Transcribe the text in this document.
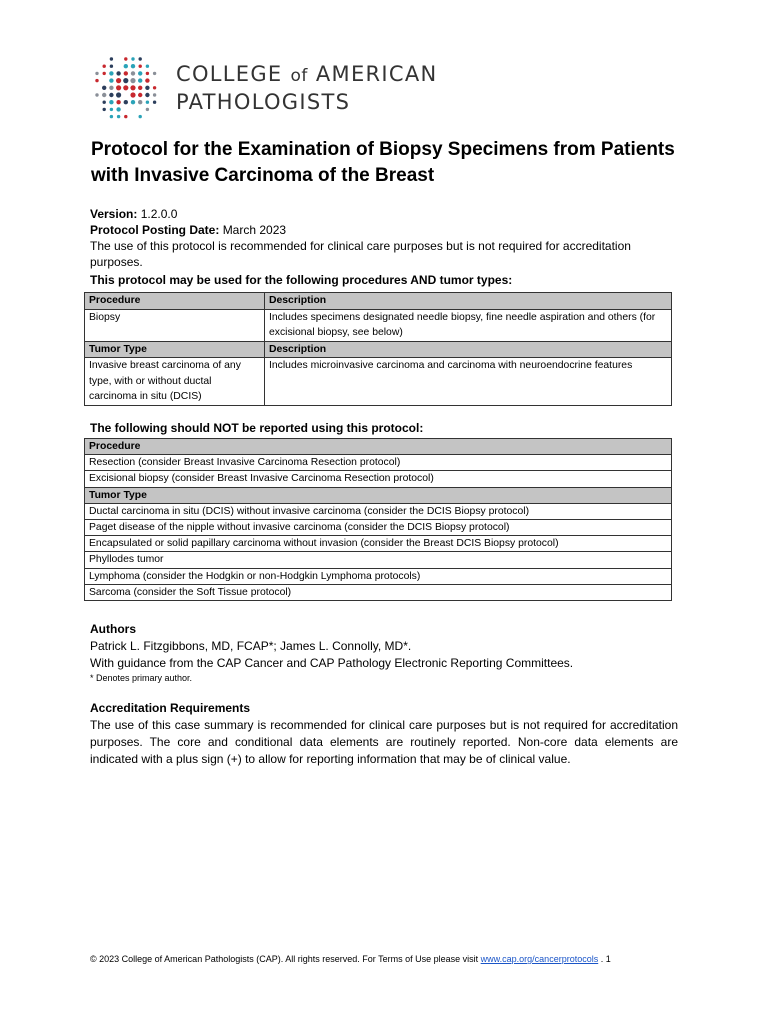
COLLEGE of AMERICAN
PATHOLOGISTS
Protocol for the Examination of Biopsy Specimens from Patients with Invasive Carcinoma of the Breast

Version: 1.2.0.0

Protocol Posting Date: March 2023

The use of this protocol is recommended for clinical care purposes but is not required for accreditation purposes.

This protocol may be used for the following procedures AND tumor types:

Procedure	Description
Biopsy	Includes specimens designated needle biopsy, fine needle aspiration and others (for excisional biopsy, see below)
Tumor Type	Description
Invasive breast carcinoma of any type, with or without ductal carcinoma in situ (DCIS)	Includes microinvasive carcinoma and carcinoma with neuroendocrine features
The following should NOT be reported using this protocol:
Procedure
Resection (consider Breast Invasive Carcinoma Resection protocol)
Excisional biopsy (consider Breast Invasive Carcinoma Resection protocol)
Tumor Type
Ductal carcinoma in situ (DCIS) without invasive carcinoma (consider the DCIS Biopsy protocol)
Paget disease of the nipple without invasive carcinoma (consider the DCIS Biopsy protocol)
Encapsulated or solid papillary carcinoma without invasion (consider the Breast DCIS Biopsy protocol)
Phyllodes tumor
Lymphoma (consider the Hodgkin or non-Hodgkin Lymphoma protocols)
Sarcoma (consider the Soft Tissue protocol)
Authors

Patrick L. Fitzgibbons, MD, FCAP*; James L. Connolly, MD*.

With guidance from the CAP Cancer and CAP Pathology Electronic Reporting Committees.

* Denotes primary author.

Accreditation Requirements

The use of this case summary is recommended for clinical care purposes but is not required for accreditation purposes. The core and conditional data elements are routinely reported. Non-core data elements are indicated with a plus sign (+) to allow for reporting information that may be of clinical value.

© 2023 College of American Pathologists (CAP). All rights reserved. For Terms of Use please visit www.cap.org/cancerprotocols . 1
